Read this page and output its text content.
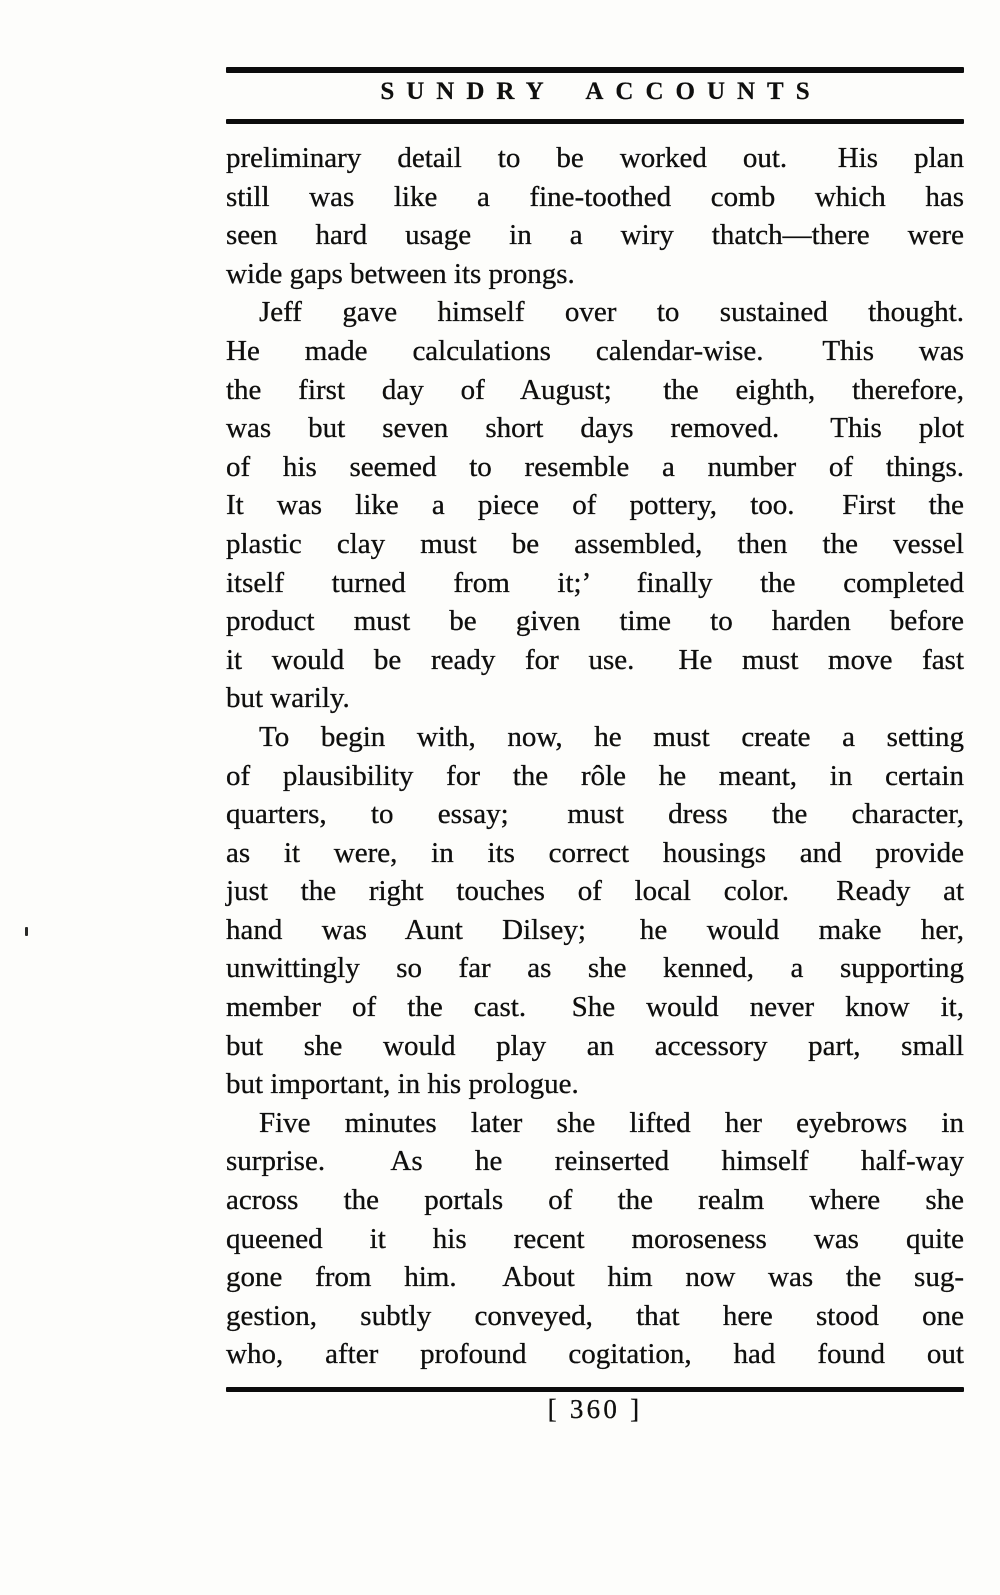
SUNDRY ACCOUNTS
preliminary detail to be worked out.  His plan
still was like a fine-toothed comb which has
seen hard usage in a wiry thatch—there were
wide gaps between its prongs.
Jeff gave himself over to sustained thought.
He made calculations calendar-wise.  This was
the first day of August;  the eighth, therefore,
was but seven short days removed.  This plot
of his seemed to resemble a number of things.
It was like a piece of pottery, too.  First the
plastic clay must be assembled, then the vessel
itself turned from it;’ finally the completed
product must be given time to harden before
it would be ready for use.  He must move fast
but warily.
To begin with, now, he must create a setting
of plausibility for the rôle he meant, in certain
quarters, to essay;  must dress the character,
as it were, in its correct housings and provide
just the right touches of local color.  Ready at
hand was Aunt Dilsey;  he would make her,
unwittingly so far as she kenned, a supporting
member of the cast.  She would never know it,
but she would play an accessory part, small
but important, in his prologue.
Five minutes later she lifted her eyebrows in
surprise.  As he reinserted himself half-way
across the portals of the realm where she
queened it his recent moroseness was quite
gone from him.  About him now was the sug-
gestion, subtly conveyed, that here stood one
who, after profound cogitation, had found out
[ 360 ]
